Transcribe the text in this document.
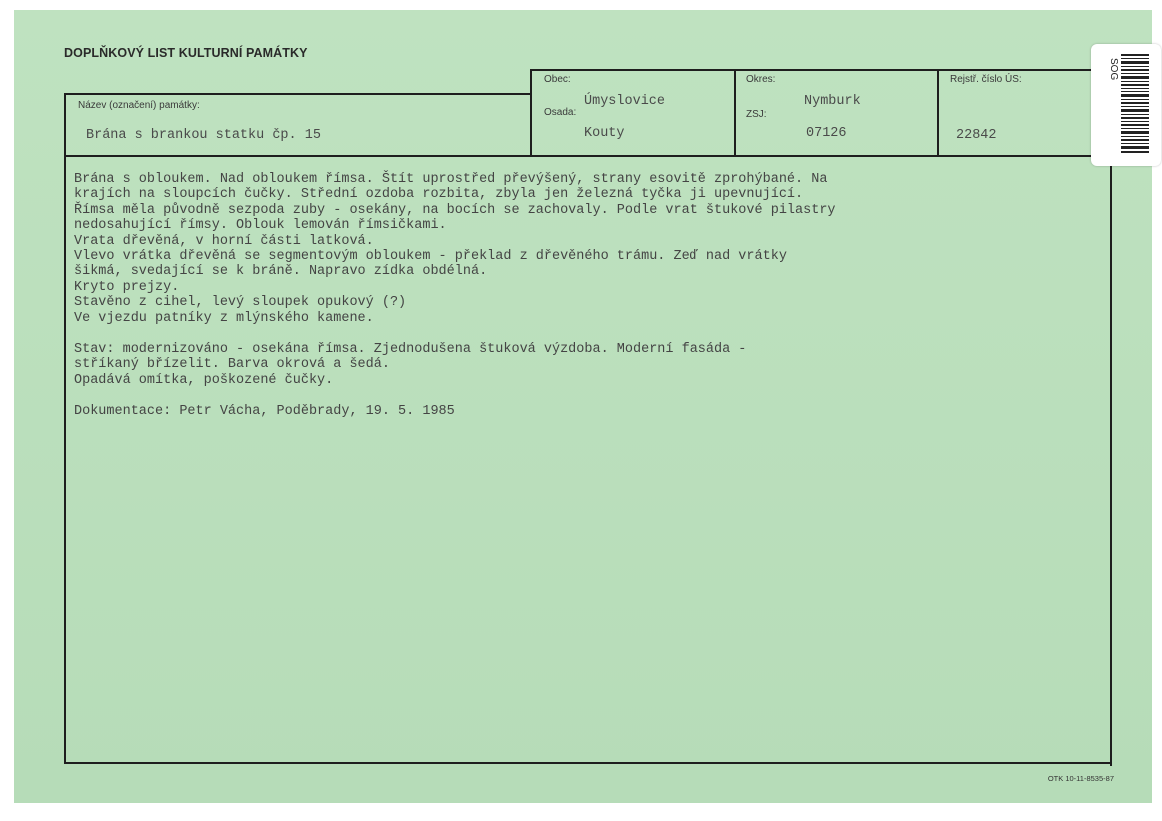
DOPLŇKOVÝ LIST KULTURNÍ PAMÁTKY
Název (označení) památky:
Brána s brankou statku čp. 15
Obec:
Úmyslovice
Osada:
Kouty
Okres:
Nymburk
ZSJ:
07126
Rejstř. číslo ÚS:
22842
Brána s obloukem. Nad obloukem římsa. Štít uprostřed převýšený, strany esovitě zprohýbané. Na
krajích na sloupcích čučky. Střední ozdoba rozbita, zbyla jen železná tyčka ji upevnující.
Římsa měla původně sezpoda zuby - osekány, na bocích se zachovaly. Podle vrat štukové pilastry
nedosahující římsy. Oblouk lemován římsičkami.
Vrata dřevěná, v horní části latková.
Vlevo vrátka dřevěná se segmentovým obloukem - překlad z dřevěného trámu. Zeď nad vrátky
šikmá, svedající se k bráně. Napravo zídka obdélná.
Kryto prejzy.
Stavěno z cihel, levý sloupek opukový (?)
Ve vjezdu patníky z mlýnského kamene.
Stav: modernizováno - osekána římsa. Zjednodušena štuková výzdoba. Moderní fasáda -
stříkaný břízelit. Barva okrová a šedá.
Opadává omítka, poškozené čučky.
Dokumentace: Petr Vácha, Poděbrady, 19. 5. 1985
OTK 10-11-8535-87
SOG
